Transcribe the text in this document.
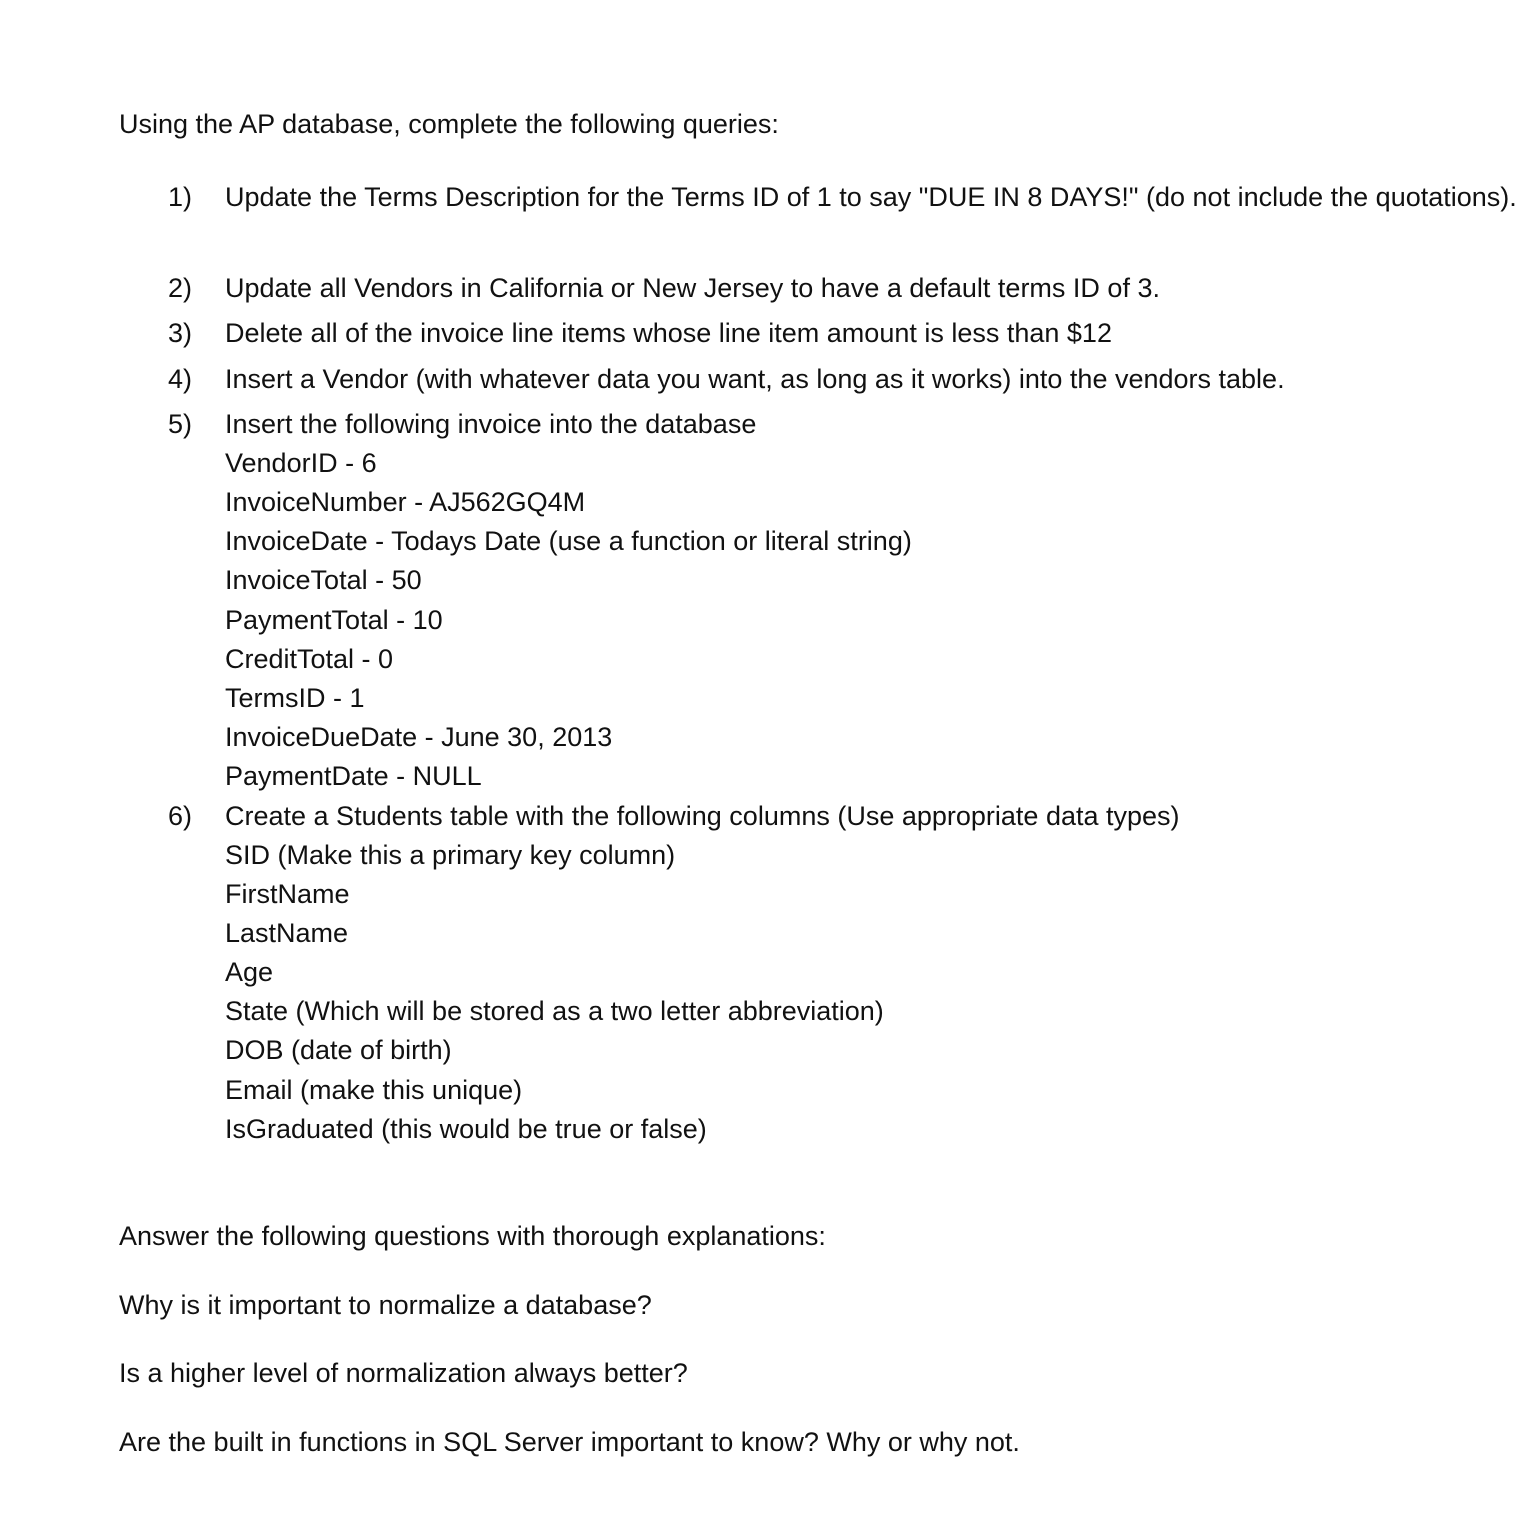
Using the AP database, complete the following queries:

1)	Update the Terms Description for the Terms ID of 1 to say "DUE IN 8 DAYS!" (do not include the quotations).
2)	Update all Vendors in California or New Jersey to have a default terms ID of 3.
3)	Delete all of the invoice line items whose line item amount is less than $12
4)	Insert a Vendor (with whatever data you want, as long as it works) into the vendors table.
5)	Insert the following invoice into the database
VendorID - 6
InvoiceNumber - AJ562GQ4M
InvoiceDate - Todays Date (use a function or literal string)
InvoiceTotal - 50
PaymentTotal - 10
CreditTotal - 0
TermsID - 1
InvoiceDueDate - June 30, 2013
PaymentDate - NULL
6)	Create a Students table with the following columns (Use appropriate data types)
SID (Make this a primary key column)
FirstName
LastName
Age
State (Which will be stored as a two letter abbreviation)
DOB (date of birth)
Email (make this unique)
IsGraduated (this would be true or false)

Answer the following questions with thorough explanations:

Why is it important to normalize a database?

Is a higher level of normalization always better?

Are the built in functions in SQL Server important to know? Why or why not.
